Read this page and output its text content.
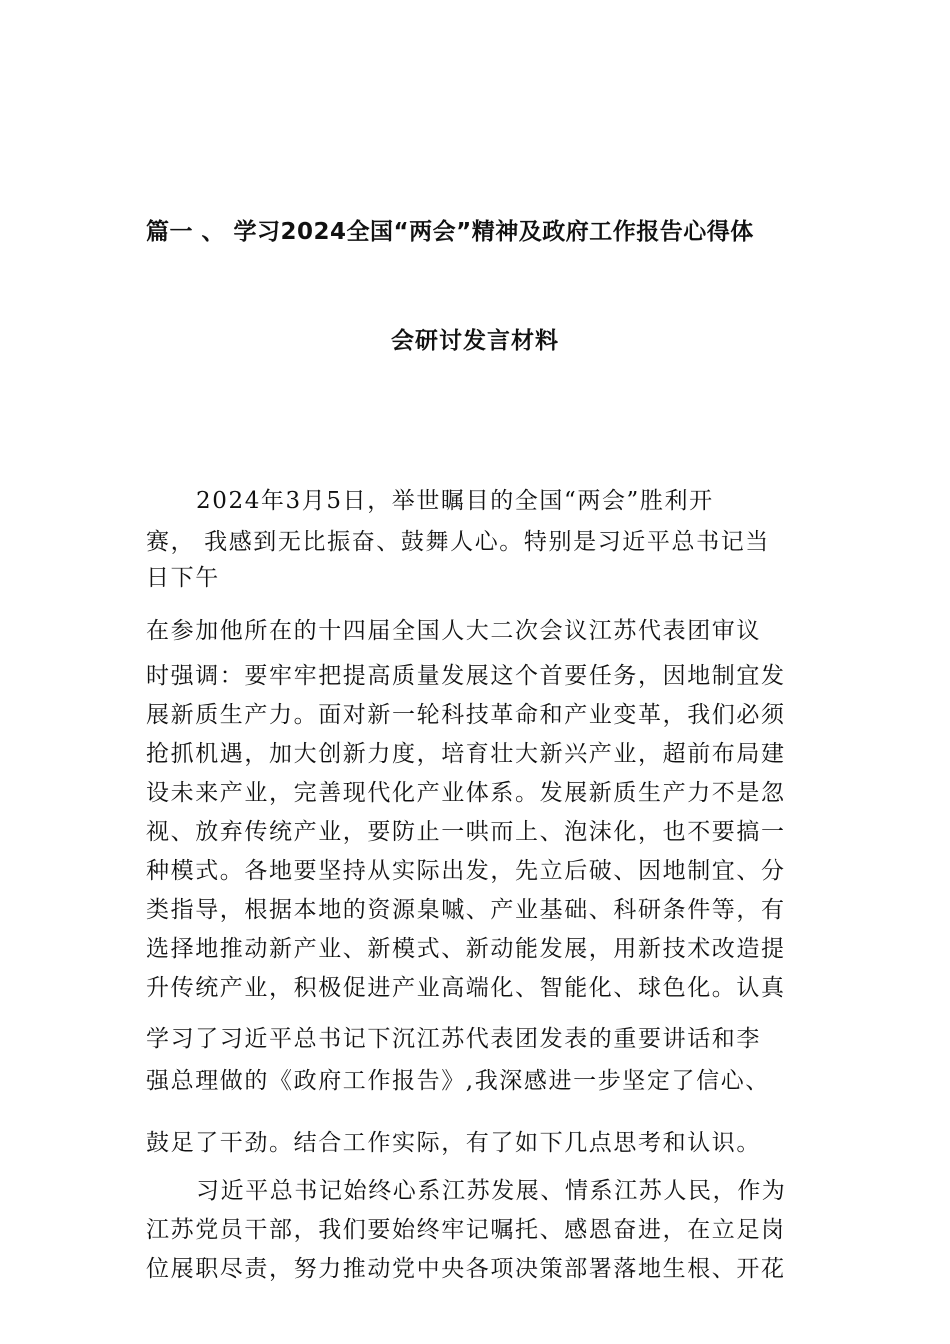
篇一 、 学习2024全国“两会”精神及政府工作报告心得体
会研讨发言材料

2024年3月5日，举世瞩目的全国“两会”胜利开

赛， 我感到无比振奋、鼓舞人心。特别是习近平总书记当

日下午

在参加他所在的十四届全国人大二次会议江苏代表团审议

时强调：要牢牢把提高质量发展这个首要任务，因地制宜发

展新质生产力。面对新一轮科技革命和产业变革，我们必须

抢抓机遇，加大创新力度，培育壮大新兴产业，超前布局建

设未来产业，完善现代化产业体系。发展新质生产力不是忽

视、放弃传统产业，要防止一哄而上、泡沫化，也不要搞一

种模式。各地要坚持从实际出发，先立后破、因地制宜、分

类指导，根据本地的资源臬嘁、产业基础、科研条件等，有

选择地推动新产业、新模式、新动能发展，用新技术改造提

升传统产业，积极促进产业高端化、智能化、球色化。认真

学习了习近平总书记下沉江苏代表团发表的重要讲话和李

强总理做的《政府工作报告》,我深感进一步坚定了信心、

鼓足了干劲。结合工作实际，有了如下几点思考和认识。

习近平总书记始终心系江苏发展、情系江苏人民，作为

江苏党员干部，我们要始终牢记嘱托、感恩奋进，在立足岗

位展职尽责，努力推动党中央各项决策部署落地生根、开花
